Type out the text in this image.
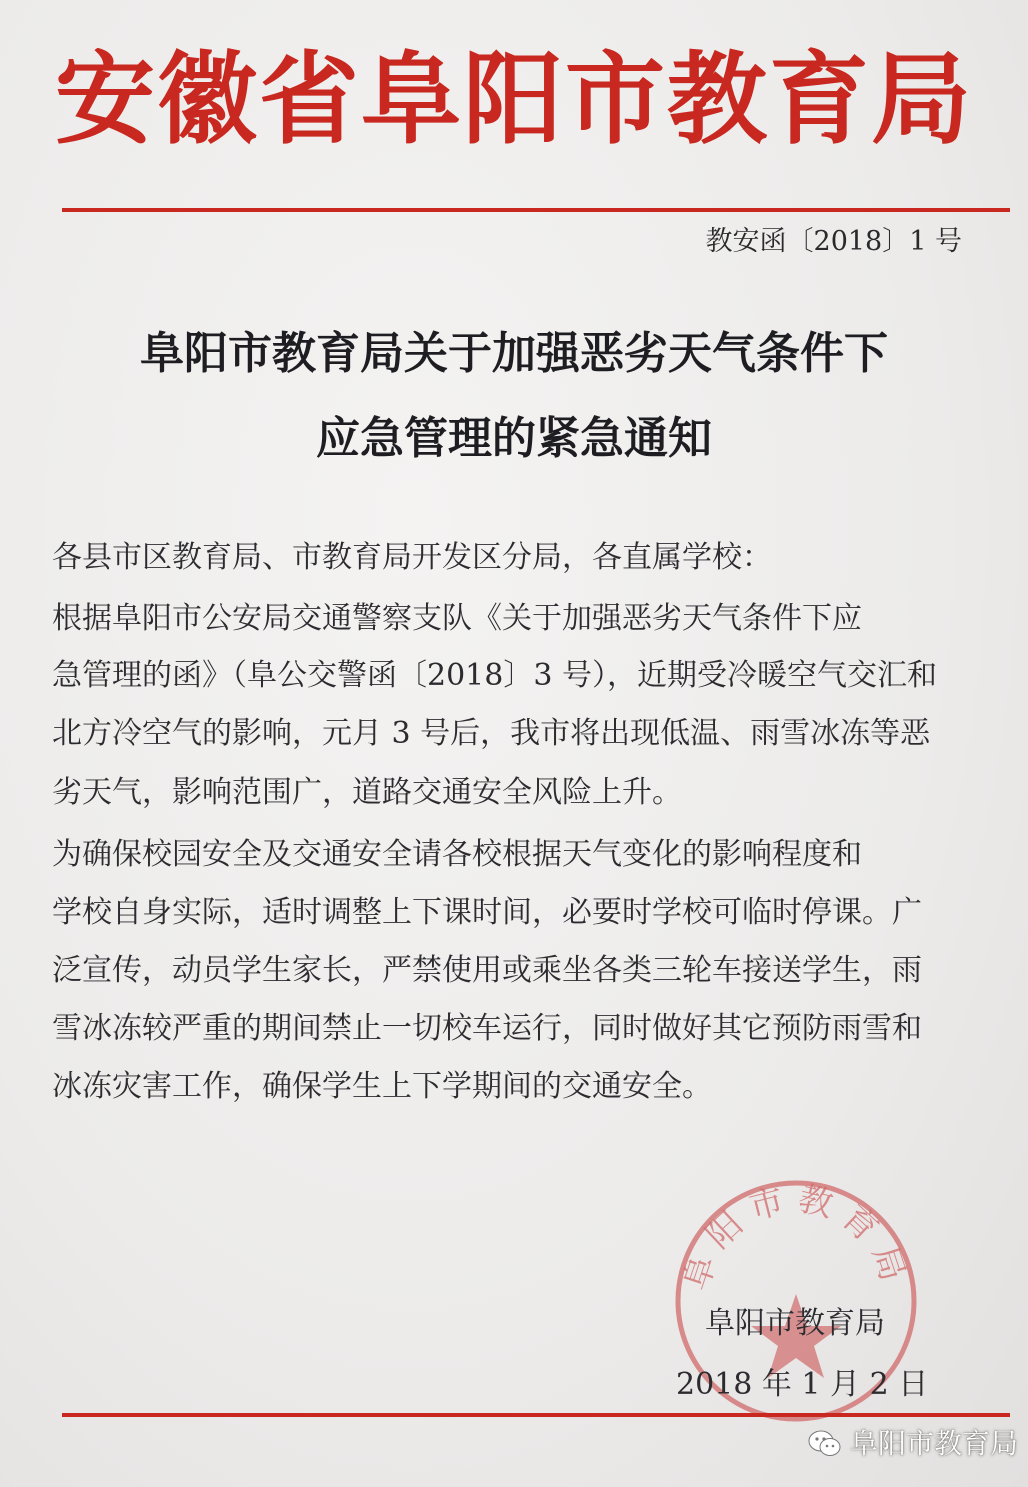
安徽省阜阳市教育局
教安函〔2018〕1 号
阜阳市教育局关于加强恶劣天气条件下
应急管理的紧急通知
各县市区教育局、市教育局开发区分局，各直属学校：
根据阜阳市公安局交通警察支队《关于加强恶劣天气条件下应
急管理的函》（阜公交警函〔2018〕3 号），近期受冷暖空气交汇和
北方冷空气的影响，元月 3 号后，我市将出现低温、雨雪冰冻等恶
劣天气，影响范围广，道路交通安全风险上升。
为确保校园安全及交通安全请各校根据天气变化的影响程度和
学校自身实际，适时调整上下课时间，必要时学校可临时停课。广
泛宣传，动员学生家长，严禁使用或乘坐各类三轮车接送学生，雨
雪冰冻较严重的期间禁止一切校车运行，同时做好其它预防雨雪和
冰冻灾害工作，确保学生上下学期间的交通安全。
阜阳市教育局
阜阳市教育局
2018 年 1 月 2 日
阜阳市教育局
